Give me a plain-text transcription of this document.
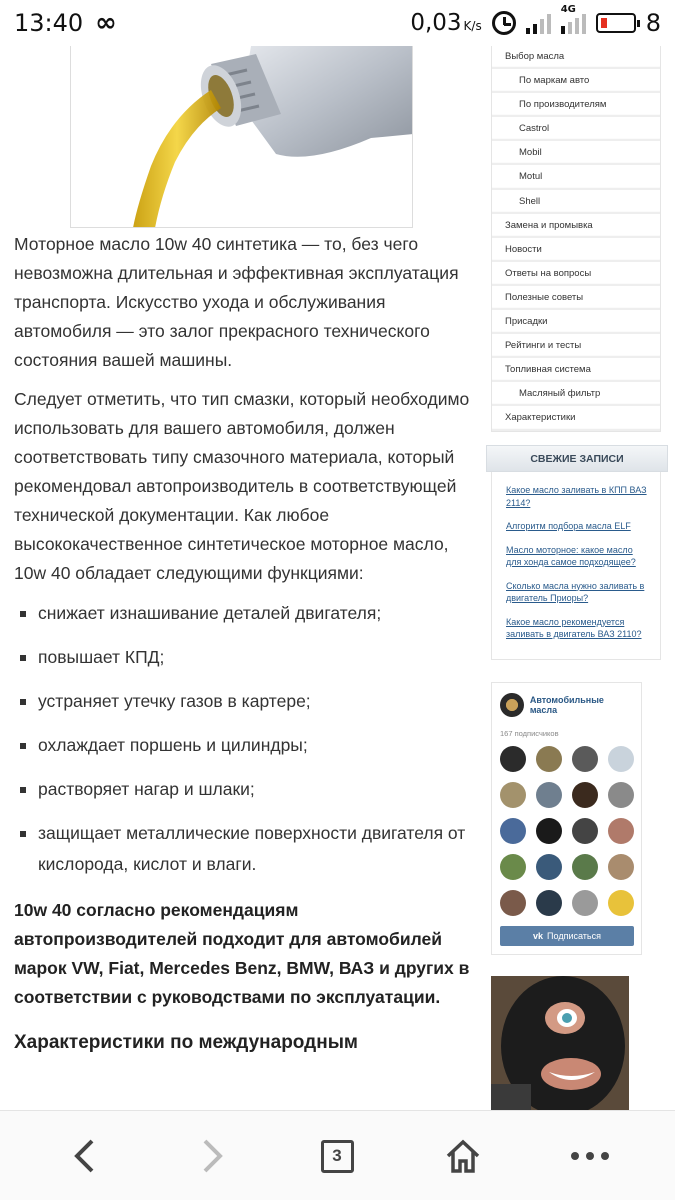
13:40 ∞	0,03 K/s
4G	8

Моторное масло 10w 40 синтетика — то, без чего невозможна длительная и эффективная эксплуатация транспорта. Искусство ухода и обслуживания автомобиля — это залог прекрасного технического состояния вашей машины.

Следует отметить, что тип смазки, который необходимо использовать для вашего автомобиля, должен соответствовать типу смазочного материала, который рекомендовал автопроизводитель в соответствующей технической документации. Как любое высококачественное синтетическое моторное масло, 10w 40 обладает следующими функциями:

снижает изнашивание деталей двигателя;
повышает КПД;
устраняет утечку газов в картере;
охлаждает поршень и цилиндры;
растворяет нагар и шлаки;
защищает металлические поверхности двигателя от кислорода, кислот и влаги.

10w 40 согласно рекомендациям автопроизводителей подходит для автомобилей марок VW, Fiat, Mercedes Benz, BMW, ВАЗ и других в соответствии с руководствами по эксплуатации.

Характеристики по международным
Выбор масла
По маркам авто
По производителям
Castrol
Mobil
Motul
Shell
Замена и промывка
Новости
Ответы на вопросы
Полезные советы
Присадки
Рейтинги и тесты
Топливная система
Масляный фильтр
Характеристики
СВЕЖИЕ ЗАПИСИ
Какое масло заливать в КПП ВАЗ 2114?
Алгоритм подбора масла ELF
Масло моторное: какое масло для хонда самое подходящее?
Сколько масла нужно заливать в двигатель Приоры?
Какое масло рекомендуется заливать в двигатель ВАЗ 2110?
Автомобильные масла
167 подписчиков
vk Подписаться
3
